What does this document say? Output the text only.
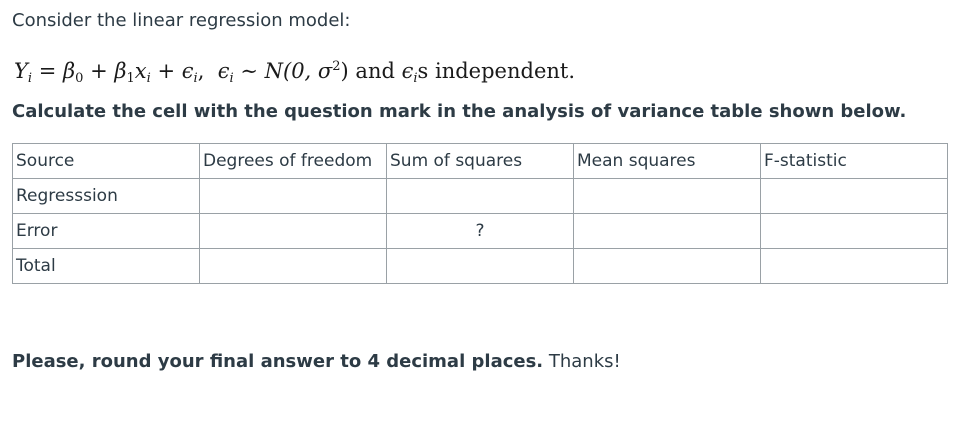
Consider the linear regression model:
$Y_i = \beta_0 + \beta_1x_i + \epsilon_i$,  $\epsilon_i$ ∼ N(0, $\sigma^2$) and $\epsilon_is$ independent.
Calculate the cell with the question mark in the analysis of variance table shown below.
Source	Degrees of freedom	Sum of squares	Mean squares	F-statistic
Regresssion				
Error		?		
Total				
Please, round your final answer to 4 decimal places. Thanks!
